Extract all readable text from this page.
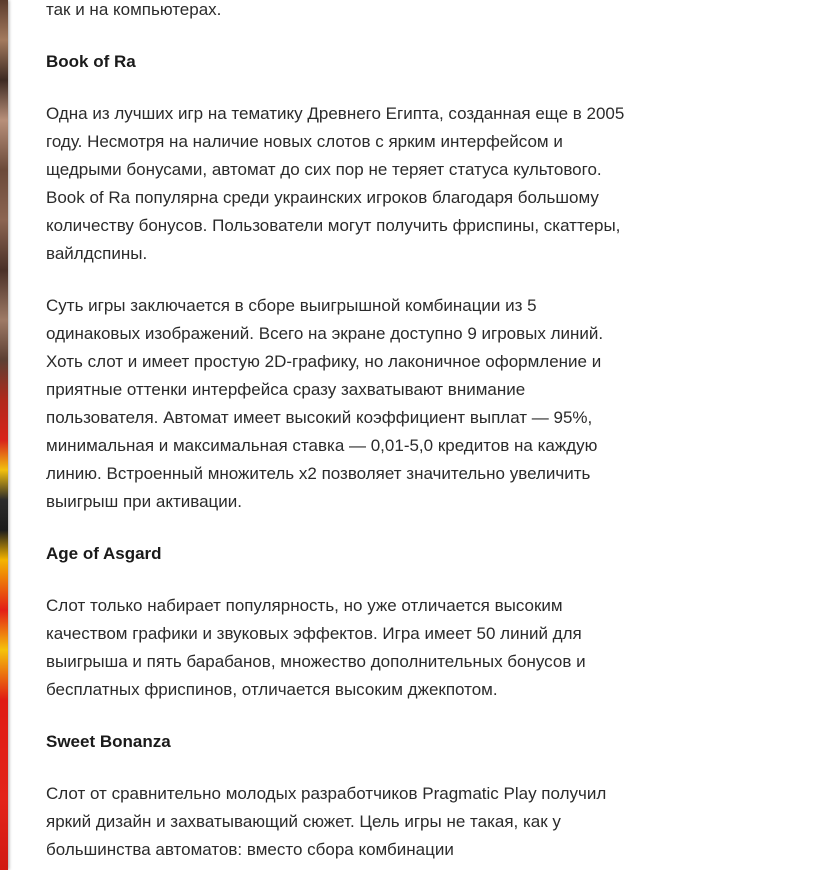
так и на компьютерах.

Book of Ra

Одна из лучших игр на тематику Древнего Египта, созданная еще в 2005 году. Несмотря на наличие новых слотов с ярким интерфейсом и щедрыми бонусами, автомат до сих пор не теряет статуса культового. Book of Ra популярна среди украинских игроков благодаря большому количеству бонусов. Пользователи могут получить фриспины, скаттеры, вайлдспины.

Суть игры заключается в сборе выигрышной комбинации из 5 одинаковых изображений. Всего на экране доступно 9 игровых линий. Хоть слот и имеет простую 2D-графику, но лаконичное оформление и приятные оттенки интерфейса сразу захватывают внимание пользователя. Автомат имеет высокий коэффициент выплат — 95%, минимальная и максимальная ставка — 0,01-5,0 кредитов на каждую линию. Встроенный множитель x2 позволяет значительно увеличить выигрыш при активации.

Age of Asgard

Слот только набирает популярность, но уже отличается высоким качеством графики и звуковых эффектов. Игра имеет 50 линий для выигрыша и пять барабанов, множество дополнительных бонусов и бесплатных фриспинов, отличается высоким джекпотом.

Sweet Bonanza

Слот от сравнительно молодых разработчиков Pragmatic Play получил яркий дизайн и захватывающий сюжет. Цель игры не такая, как у большинства автоматов: вместо сбора комбинации
